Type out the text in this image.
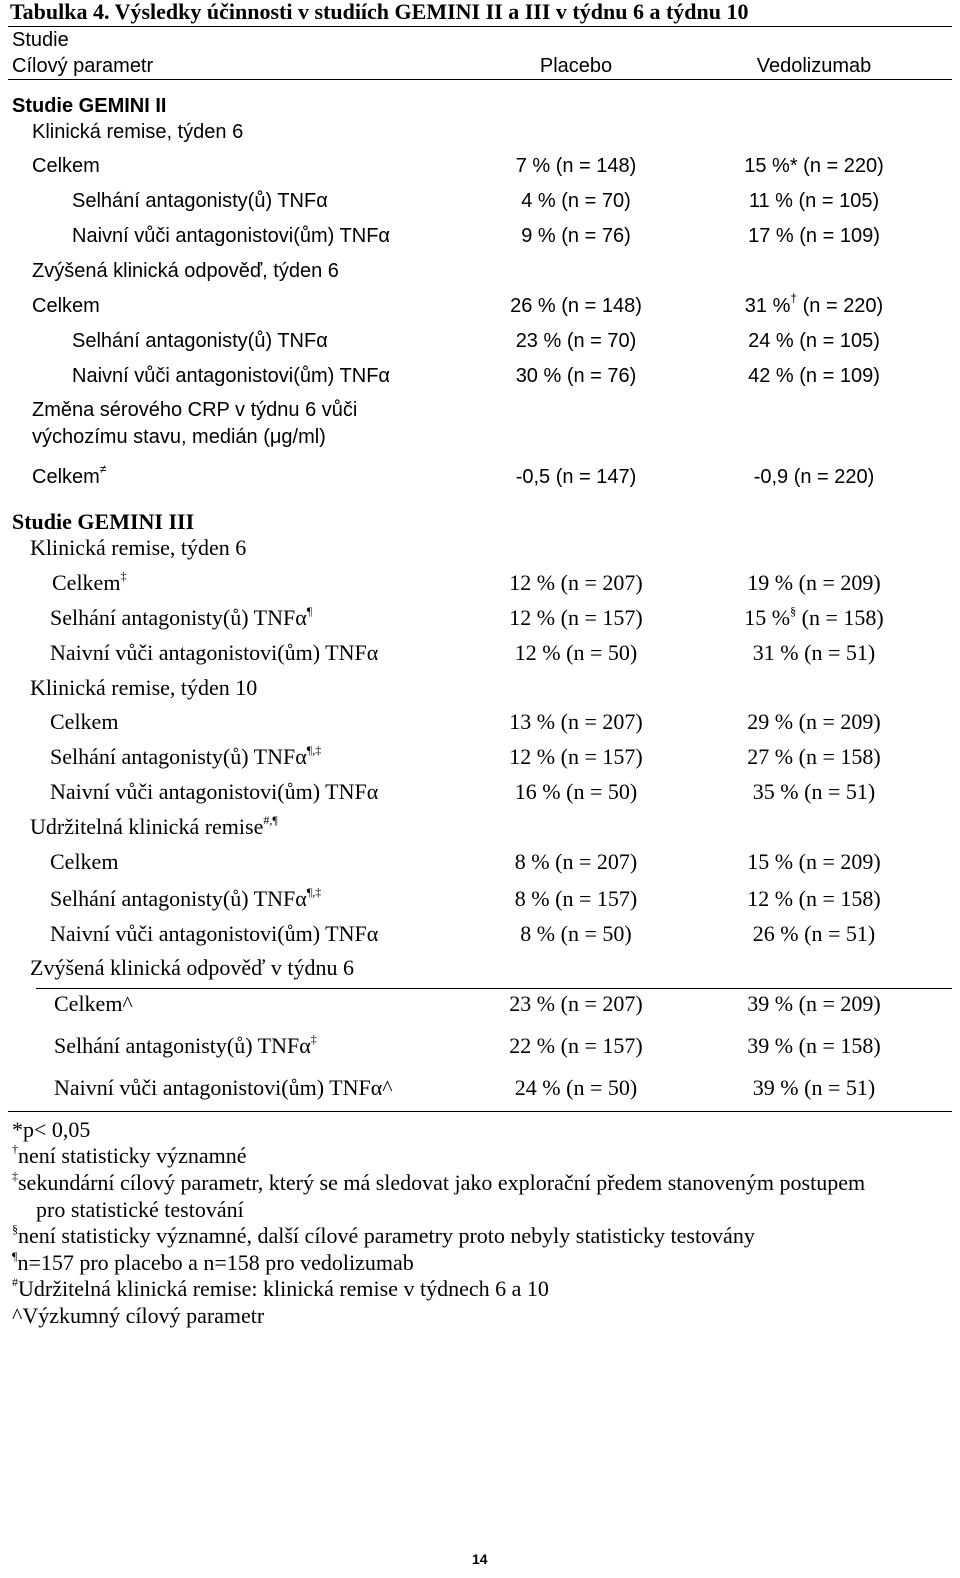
Tabulka 4. Výsledky účinnosti v studiích GEMINI II a III v týdnu 6 a týdnu 10
Studie
Cílový parametr	Placebo	Vedolizumab
Studie GEMINI II
Klinická remise, týden 6
Celkem	7 % (n = 148)	15 %* (n = 220)
Selhání antagonisty(ů) TNFα	4 % (n = 70)	11 % (n = 105)
Naivní vůči antagonistovi(ům) TNFα	9 % (n = 76)	17 % (n = 109)
Zvýšená klinická odpověď, týden 6
Celkem	26 % (n = 148)	31 %† (n = 220)
Selhání antagonisty(ů) TNFα	23 % (n = 70)	24 % (n = 105)
Naivní vůči antagonistovi(ům) TNFα	30 % (n = 76)	42 % (n = 109)
Změna sérového CRP v týdnu 6 vůči
výchozímu stavu, medián (μg/ml)
Celkem≠	-0,5 (n = 147)	-0,9 (n = 220)
Studie GEMINI III
Klinická remise, týden 6
Celkem‡	12 % (n = 207)	19 % (n = 209)
Selhání antagonisty(ů) TNFα¶	12 % (n = 157)	15 %§ (n = 158)
Naivní vůči antagonistovi(ům) TNFα	12 % (n = 50)	31 % (n = 51)
Klinická remise, týden 10
Celkem	13 % (n = 207)	29 % (n = 209)
Selhání antagonisty(ů) TNFα¶,‡	12 % (n = 157)	27 % (n = 158)
Naivní vůči antagonistovi(ům) TNFα	16 % (n = 50)	35 % (n = 51)
Udržitelná klinická remise#,¶
Celkem	8 % (n = 207)	15 % (n = 209)
Selhání antagonisty(ů) TNFα¶,‡	8 % (n = 157)	12 % (n = 158)
Naivní vůči antagonistovi(ům) TNFα	8 % (n = 50)	26 % (n = 51)
Zvýšená klinická odpověď v týdnu 6
Celkem^	23 % (n = 207)	39 % (n = 209)
Selhání antagonisty(ů) TNFα‡	22 % (n = 157)	39 % (n = 158)
Naivní vůči antagonistovi(ům) TNFα^	24 % (n = 50)	39 % (n = 51)
*p< 0,05
†není statisticky významné
‡sekundární cílový parametr, který se má sledovat jako explorační předem stanoveným postupem
pro statistické testování
§není statisticky významné, další cílové parametry proto nebyly statisticky testovány
¶n=157 pro placebo a n=158 pro vedolizumab
#Udržitelná klinická remise: klinická remise v týdnech 6 a 10
^Výzkumný cílový parametr
14
